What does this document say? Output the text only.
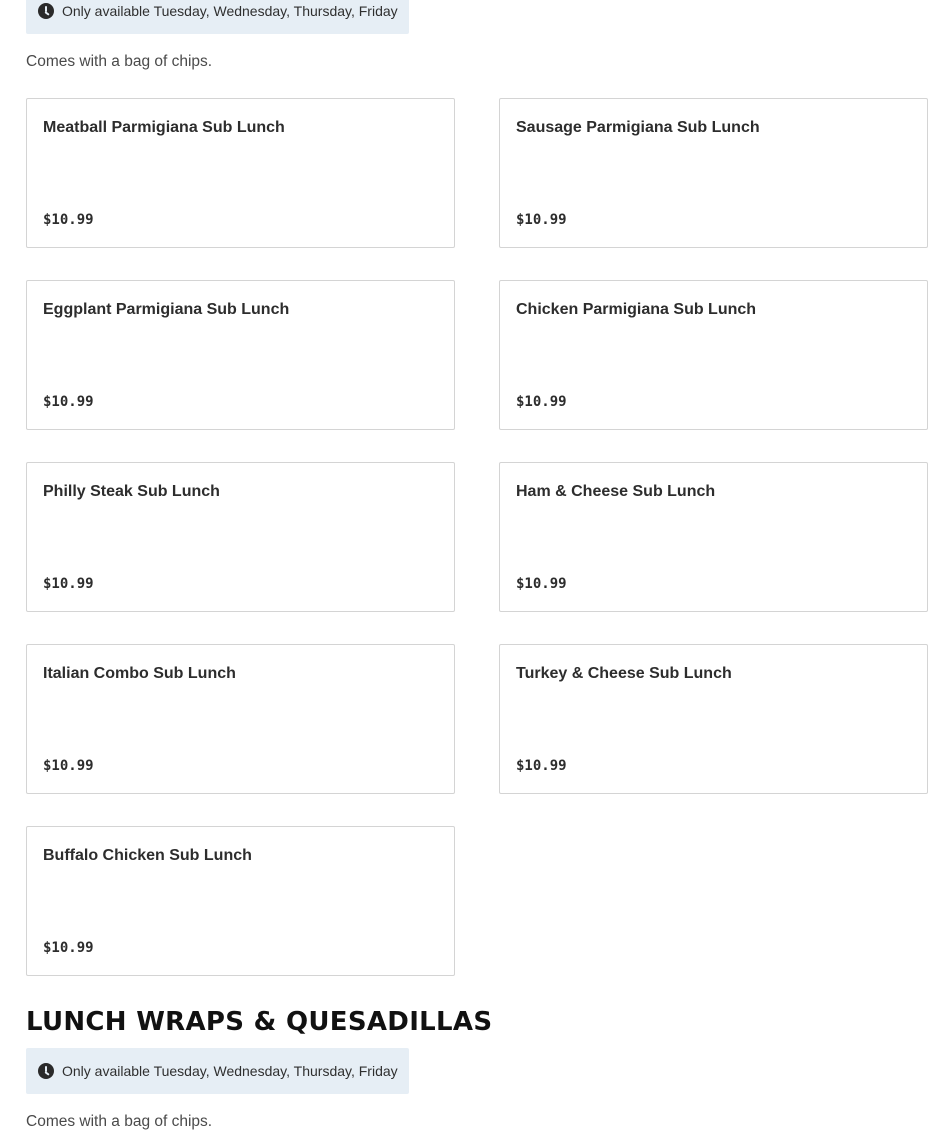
Only available Tuesday, Wednesday, Thursday, Friday
Comes with a bag of chips.
Meatball Parmigiana Sub Lunch
$10.99
Sausage Parmigiana Sub Lunch
$10.99
Eggplant Parmigiana Sub Lunch
$10.99
Chicken Parmigiana Sub Lunch
$10.99
Philly Steak Sub Lunch
$10.99
Ham & Cheese Sub Lunch
$10.99
Italian Combo Sub Lunch
$10.99
Turkey & Cheese Sub Lunch
$10.99
Buffalo Chicken Sub Lunch
$10.99
LUNCH WRAPS & QUESADILLAS
Only available Tuesday, Wednesday, Thursday, Friday
Comes with a bag of chips.
